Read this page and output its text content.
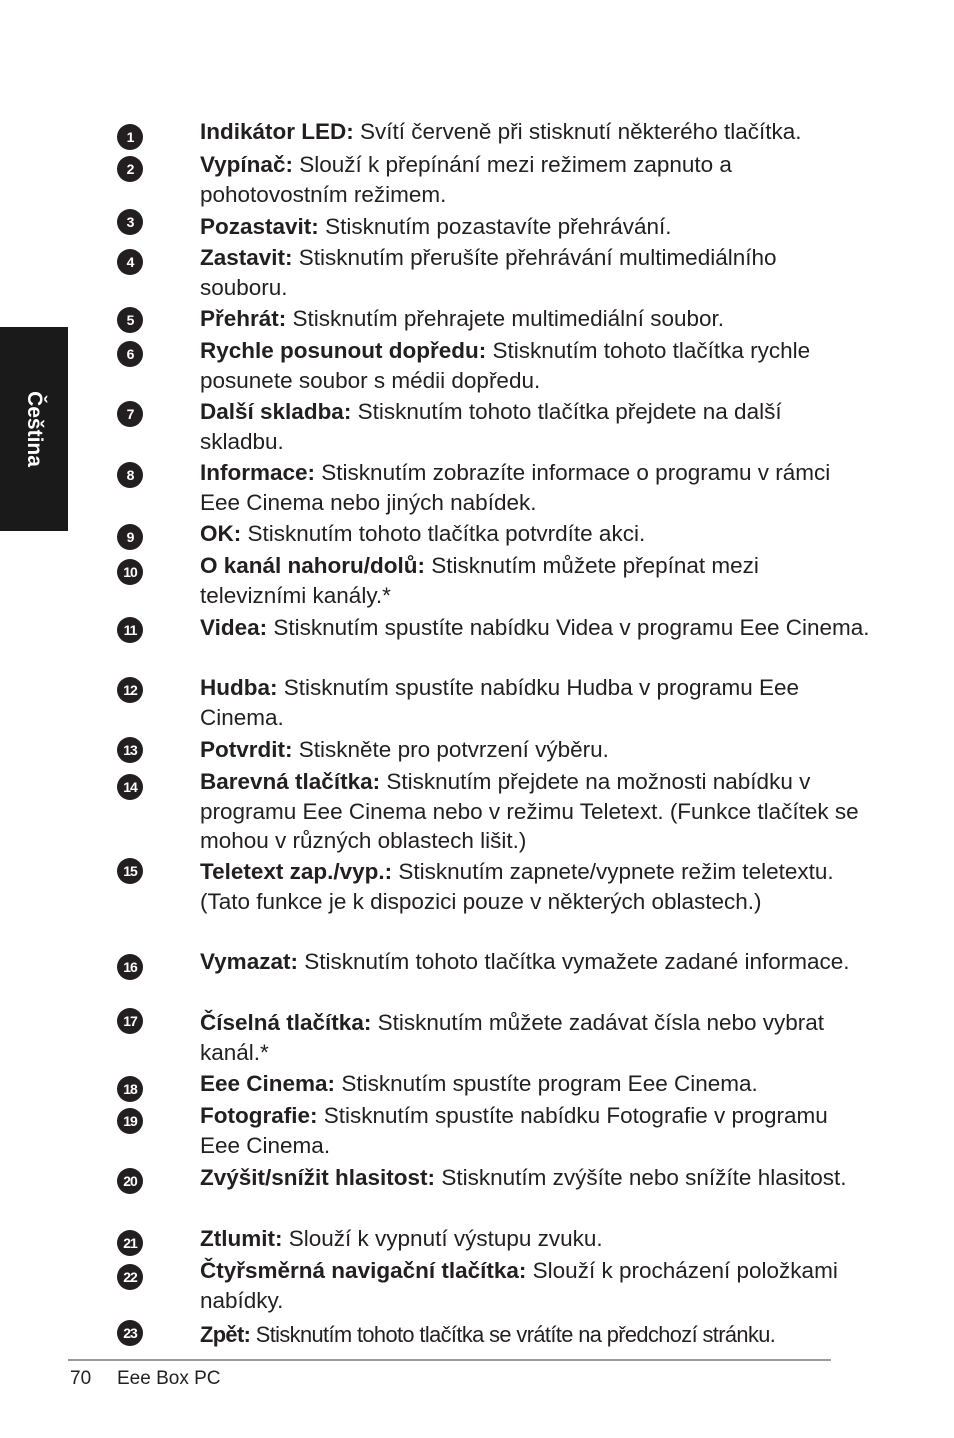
Čeština
1	Indikátor LED: Svítí červeně při stisknutí některého tlačítka.
2	Vypínač: Slouží k přepínání mezi režimem zapnuto a pohotovostním režimem.
3	Pozastavit: Stisknutím pozastavíte přehrávání.
4	Zastavit: Stisknutím přerušíte přehrávání multimediálního souboru.
5	Přehrát: Stisknutím přehrajete multimediální soubor.
6	Rychle posunout dopředu: Stisknutím tohoto tlačítka rychle posunete soubor s médii dopředu.
7	Další skladba: Stisknutím tohoto tlačítka přejdete na další skladbu.
8	Informace: Stisknutím zobrazíte informace o programu v rámci Eee Cinema nebo jiných nabídek.
9	OK: Stisknutím tohoto tlačítka potvrdíte akci.
10	O kanál nahoru/dolů: Stisknutím můžete přepínat mezi televizními kanály.*
11	Videa: Stisknutím spustíte nabídku Videa v programu Eee Cinema.
12	Hudba: Stisknutím spustíte nabídku Hudba v programu Eee Cinema.
13	Potvrdit: Stiskněte pro potvrzení výběru.
14	Barevná tlačítka: Stisknutím přejdete na možnosti nabídku v programu Eee Cinema nebo v režimu Teletext. (Funkce tlačítek se mohou v různých oblastech lišit.)
15	Teletext zap./vyp.: Stisknutím zapnete/vypnete režim teletextu. (Tato funkce je k dispozici pouze v některých oblastech.)
16	Vymazat: Stisknutím tohoto tlačítka vymažete zadané informace.
17	Číselná tlačítka: Stisknutím můžete zadávat čísla nebo vybrat kanál.*
18	Eee Cinema: Stisknutím spustíte program Eee Cinema.
19	Fotografie: Stisknutím spustíte nabídku Fotografie v programu Eee Cinema.
20	Zvýšit/snížit hlasitost: Stisknutím zvýšíte nebo snížíte hlasitost.
21	Ztlumit: Slouží k vypnutí výstupu zvuku.
22	Čtyřsměrná navigační tlačítka: Slouží k procházení položkami nabídky.
23	Zpět: Stisknutím tohoto tlačítka se vrátíte na předchozí stránku.
70 Eee Box PC
